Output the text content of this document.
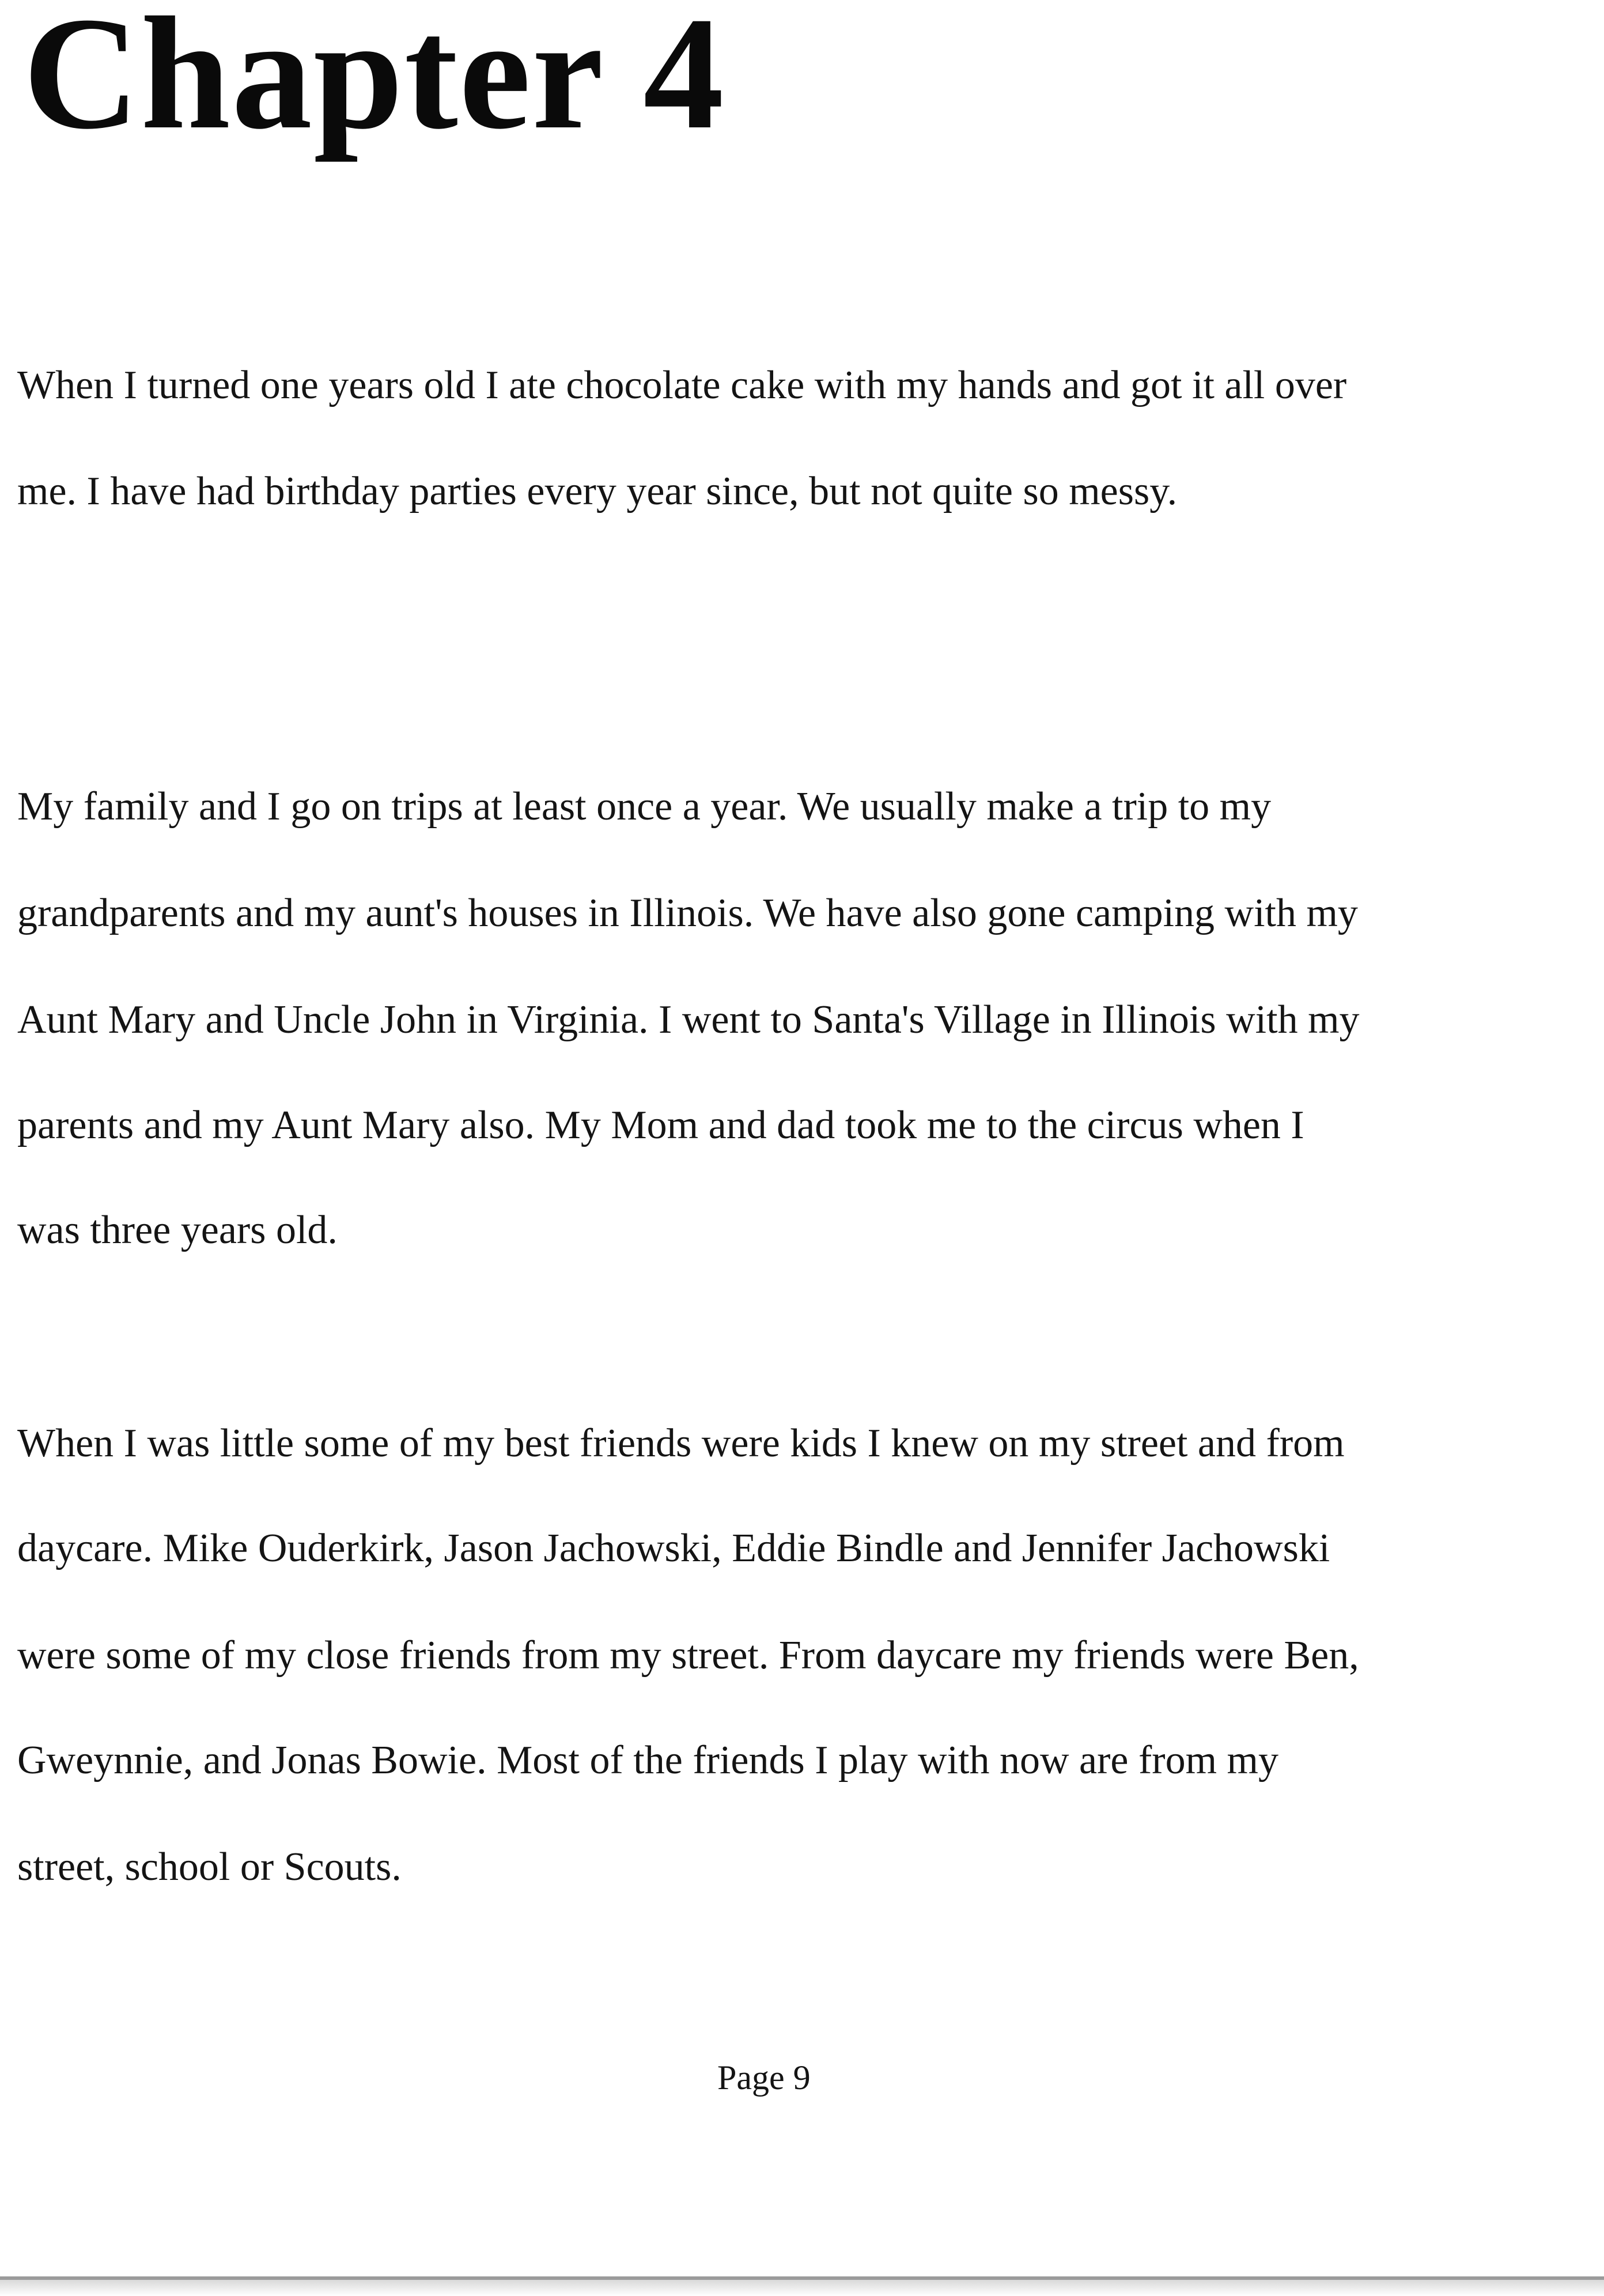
Chapter 4

When I turned one years old I ate chocolate cake with my hands and got it all over

me. I have had birthday parties every year since, but not quite so messy.

My family and I go on trips at least once a year. We usually make a trip to my

grandparents and my aunt's houses in Illinois. We have also gone camping with my

Aunt Mary and Uncle John in Virginia. I went to Santa's Village in Illinois with my

parents and my Aunt Mary also. My Mom and dad took me to the circus when I

was three years old.

When I was little some of my best friends were kids I knew on my street and from

daycare. Mike Ouderkirk, Jason Jachowski, Eddie Bindle and Jennifer Jachowski

were some of my close friends from my street. From daycare my friends were Ben,

Gweynnie, and Jonas Bowie. Most of the friends I play with now are from my

street, school or Scouts.

Page 9
